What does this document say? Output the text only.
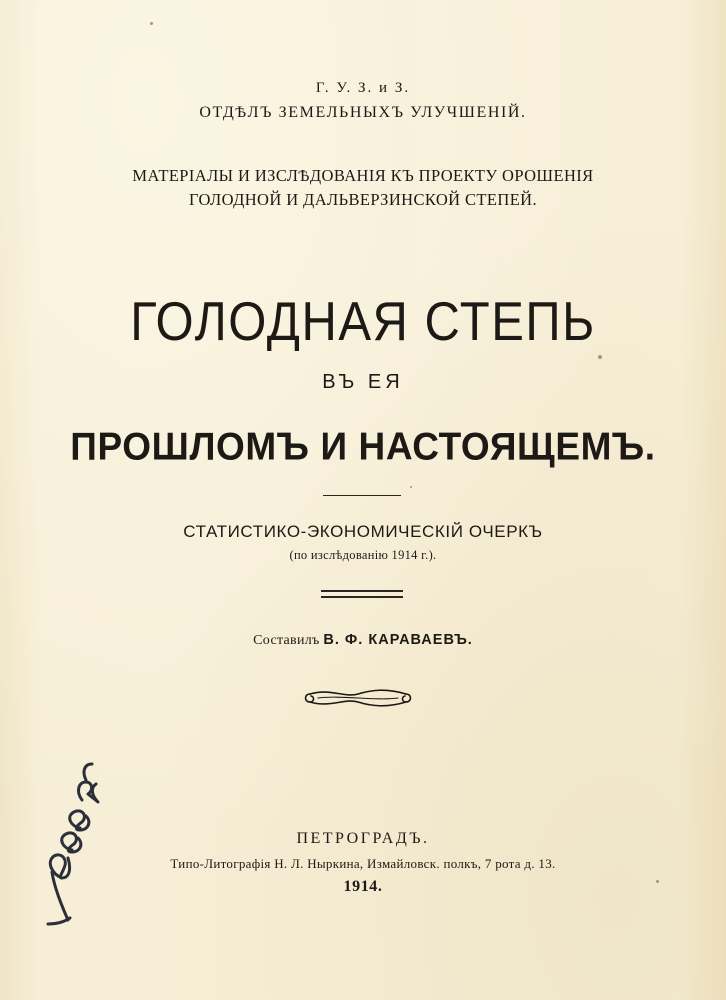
Г. У. З. и З.
ОТДѢЛЪ ЗЕМЕЛЬНЫХЪ УЛУЧШЕНІЙ.
МАТЕРІАЛЫ И ИЗСЛѢДОВАНІЯ КЪ ПРОЕКТУ ОРОШЕНІЯ
ГОЛОДНОЙ И ДАЛЬВЕРЗИНСКОЙ СТЕПЕЙ.
ГОЛОДНАЯ СТЕПЬ
ВЪ ЕЯ
ПРОШЛОМЪ И НАСТОЯЩЕМЪ.
СТАТИСТИКО-ЭКОНОМИЧЕСКІЙ ОЧЕРКЪ
(по изслѣдованію 1914 г.).
Составилъ В. Ф. КАРАВАЕВЪ.
ПЕТРОГРАДЪ.
Типо-Литографія Н. Л. Ныркина, Измайловск. полкъ, 7 рота д. 13.
1914.
